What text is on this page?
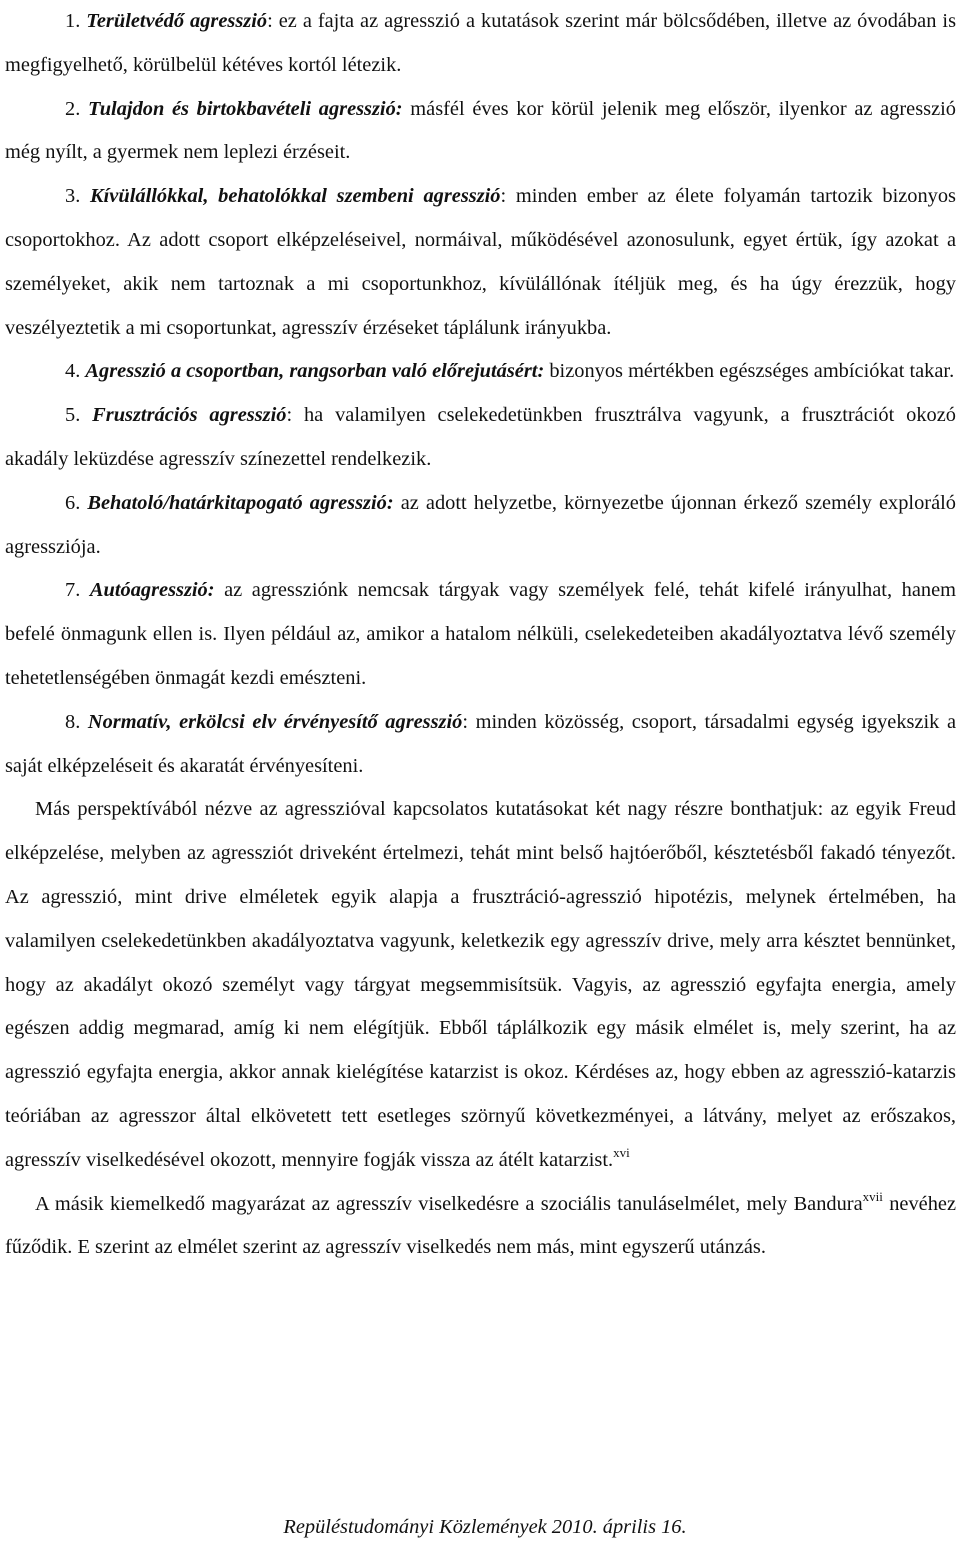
1. Területvédő agresszió: ez a fajta az agresszió a kutatások szerint már bölcsődében, illetve az óvodában is megfigyelhető, körülbelül kétéves kortól létezik.

2. Tulajdon és birtokbavételi agresszió: másfél éves kor körül jelenik meg először, ilyenkor az agresszió még nyílt, a gyermek nem leplezi érzéseit.

3. Kívülállókkal, behatolókkal szembeni agresszió: minden ember az élete folyamán tartozik bizonyos csoportokhoz. Az adott csoport elképzeléseivel, normáival, működésével azonosulunk, egyet értük, így azokat a személyeket, akik nem tartoznak a mi csoportunkhoz, kívülállónak ítéljük meg, és ha úgy érezzük, hogy veszélyeztetik a mi csoportunkat, agresszív érzéseket táplálunk irányukba.

4. Agresszió a csoportban, rangsorban való előrejutásért: bizonyos mértékben egészséges ambíciókat takar.

5. Frusztrációs agresszió: ha valamilyen cselekedetünkben frusztrálva vagyunk, a frusztrációt okozó akadály leküzdése agresszív színezettel rendelkezik.

6. Behatoló/határkitapogató agresszió: az adott helyzetbe, környezetbe újonnan érkező személy exploráló agressziója.

7. Autóagresszió: az agressziónk nemcsak tárgyak vagy személyek felé, tehát kifelé irányulhat, hanem befelé önmagunk ellen is. Ilyen például az, amikor a hatalom nélküli, cselekedeteiben akadályoztatva lévő személy tehetetlenségében önmagát kezdi emészteni.

8. Normatív, erkölcsi elv érvényesítő agresszió: minden közösség, csoport, társadalmi egység igyekszik a saját elképzeléseit és akaratát érvényesíteni.

Más perspektívából nézve az agresszióval kapcsolatos kutatásokat két nagy részre bonthatjuk: az egyik Freud elképzelése, melyben az agressziót driveként értelmezi, tehát mint belső hajtóerőből, késztetésből fakadó tényezőt. Az agresszió, mint drive elméletek egyik alapja a frusztráció-agresszió hipotézis, melynek értelmében, ha valamilyen cselekedetünkben akadályoztatva vagyunk, keletkezik egy agresszív drive, mely arra késztet bennünket, hogy az akadályt okozó személyt vagy tárgyat megsemmisítsük. Vagyis, az agresszió egyfajta energia, amely egészen addig megmarad, amíg ki nem elégítjük. Ebből táplálkozik egy másik elmélet is, mely szerint, ha az agresszió egyfajta energia, akkor annak kielégítése katarzist is okoz. Kérdéses az, hogy ebben az agresszió-katarzis teóriában az agresszor által elkövetett tett esetleges szörnyű következményei, a látvány, melyet az erőszakos, agresszív viselkedésével okozott, mennyire fogják vissza az átélt katarzist.$^{xvi}$

A másik kiemelkedő magyarázat az agresszív viselkedésre a szociális tanuláselmélet, mely Bandura$^{xvii}$ nevéhez fűződik. E szerint az elmélet szerint az agresszív viselkedés nem más, mint egyszerű utánzás.

Repüléstudományi Közlemények 2010. április 16.
